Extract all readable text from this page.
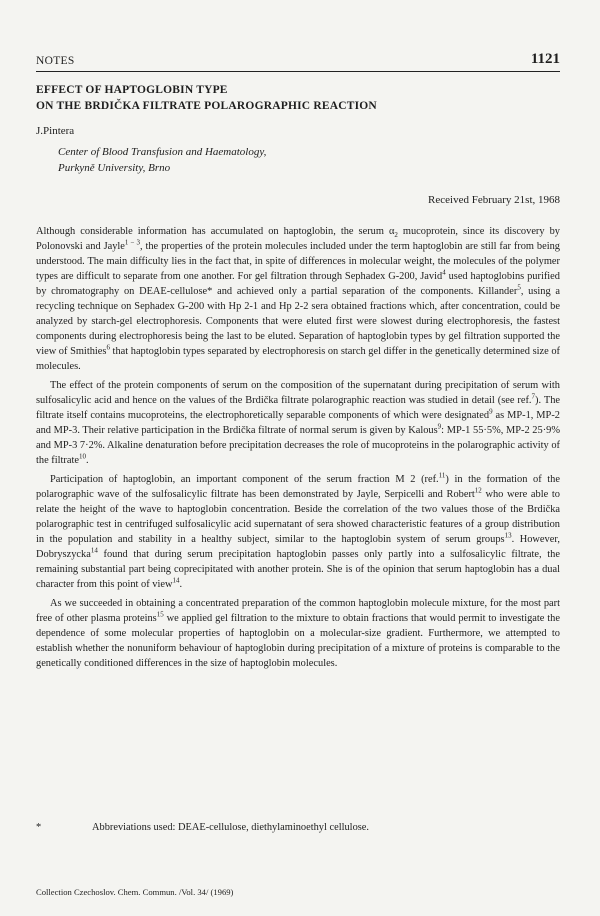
NOTES	1121
EFFECT OF HAPTOGLOBIN TYPE
ON THE BRDIČKA FILTRATE POLAROGRAPHIC REACTION
J.Pintera
Center of Blood Transfusion and Haematology,
Purkyně University, Brno
Received February 21st, 1968

Although considerable information has accumulated on haptoglobin, the serum $\alpha_2$ mucoprotein, since its discovery by Polonovski and Jayle$^{1 - 3}$, the properties of the protein molecules included under the term haptoglobin are still far from being understood. The main difficulty lies in the fact that, in spite of differences in molecular weight, the molecules of the polymer types are difficult to separate from one another. For gel filtration through Sephadex G-200, Javid$^4$ used haptoglobins purified by chromatography on DEAE-cellulose* and achieved only a partial separation of the components. Killander$^5$, using a recycling technique on Sephadex G-200 with Hp 2-1 and Hp 2-2 sera obtained fractions which, after concentration, could be analyzed by starch-gel electrophoresis. Components that were eluted first were slowest during electrophoresis, the fastest components during electrophoresis being the last to be eluted. Separation of haptoglobin types by gel filtration supported the view of Smithies$^6$ that haptoglobin types separated by electrophoresis on starch gel differ in the genetically determined size of molecules.

The effect of the protein components of serum on the composition of the supernatant during precipitation of serum with sulfosalicylic acid and hence on the values of the Brdička filtrate polarographic reaction was studied in detail (see ref.$^7$). The filtrate itself contains mucoproteins, the electrophoretically separable components of which were designated$^9$ as MP-1, MP-2 and MP-3. Their relative participation in the Brdička filtrate of normal serum is given by Kalous$^9$: MP-1 55·5%, MP-2 25·9% and MP-3 7·2%. Alkaline denaturation before precipitation decreases the role of mucoproteins in the polarographic activity of the filtrate$^{10}$.

Participation of haptoglobin, an important component of the serum fraction M 2 (ref.$^{11}$) in the formation of the polarographic wave of the sulfosalicylic filtrate has been demonstrated by Jayle, Serpicelli and Robert$^{12}$ who were able to relate the height of the wave to haptoglobin concentration. Beside the correlation of the two values those of the Brdička polarographic test in centrifuged sulfosalicylic acid supernatant of sera showed characteristic features of a group distribution in the population and stability in a healthy subject, similar to the haptoglobin system of serum groups$^{13}$. However, Dobryszycka$^{14}$ found that during serum precipitation haptoglobin passes only partly into a sulfosalicylic filtrate, the remaining substantial part being coprecipitated with another protein. She is of the opinion that serum haptoglobin has a dual character from this point of view$^{14}$.

As we succeeded in obtaining a concentrated preparation of the common haptoglobin molecule mixture, for the most part free of other plasma proteins$^{15}$ we applied gel filtration to the mixture to obtain fractions that would permit to investigate the dependence of some molecular properties of haptoglobin on a molecular-size gradient. Furthermore, we attempted to establish whether the nonuniform behaviour of haptoglobin during precipitation of a mixture of proteins is comparable to the genetically conditioned differences in the size of haptoglobin molecules.

*	Abbreviations used: DEAE-cellulose, diethylaminoethyl cellulose.
Collection Czechoslov. Chem. Commun. /Vol. 34/ (1969)
